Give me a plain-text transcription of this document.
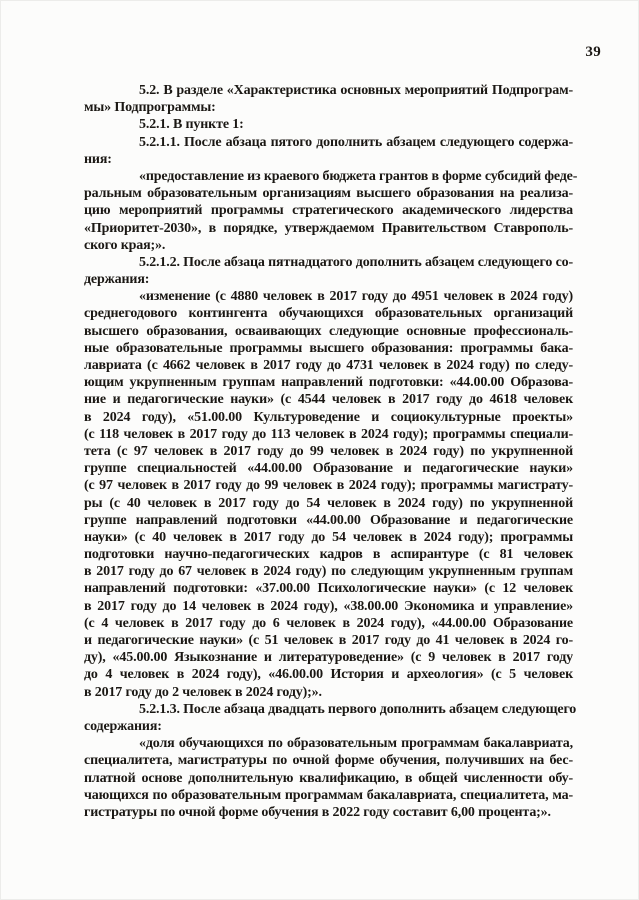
39
5.2. В разделе «Характеристика основных мероприятий Подпрограм-
мы» Подпрограммы:
5.2.1. В пункте 1:
5.2.1.1. После абзаца пятого дополнить абзацем следующего содержа-
ния:
«предоставление из краевого бюджета грантов в форме субсидий феде-
ральным образовательным организациям высшего образования на реализа-
цию мероприятий программы стратегического академического лидерства
«Приоритет-2030», в порядке, утверждаемом Правительством Ставрополь-
ского края;».
5.2.1.2. После абзаца пятнадцатого дополнить абзацем следующего со-
держания:
«изменение (с 4880 человек в 2017 году до 4951 человек в 2024 году)
среднегодового контингента обучающихся образовательных организаций
высшего образования, осваивающих следующие основные профессиональ-
ные образовательные программы высшего образования: программы бака-
лавриата (с 4662 человек в 2017 году до 4731 человек в 2024 году) по следу-
ющим укрупненным группам направлений подготовки: «44.00.00 Образова-
ние и педагогические науки» (с 4544 человек в 2017 году до 4618 человек
в 2024 году), «51.00.00 Культуроведение и социокультурные проекты»
(с 118 человек в 2017 году до 113 человек в 2024 году); программы специали-
тета (с 97 человек в 2017 году до 99 человек в 2024 году) по укрупненной
группе специальностей «44.00.00 Образование и педагогические науки»
(с 97 человек в 2017 году до 99 человек в 2024 году); программы магистрату-
ры (с 40 человек в 2017 году до 54 человек в 2024 году) по укрупненной
группе направлений подготовки «44.00.00 Образование и педагогические
науки» (с 40 человек в 2017 году до 54 человек в 2024 году); программы
подготовки научно-педагогических кадров в аспирантуре (с 81 человек
в 2017 году до 67 человек в 2024 году) по следующим укрупненным группам
направлений подготовки: «37.00.00 Психологические науки» (с 12 человек
в 2017 году до 14 человек в 2024 году), «38.00.00 Экономика и управление»
(с 4 человек в 2017 году до 6 человек в 2024 году), «44.00.00 Образование
и педагогические науки» (с 51 человек в 2017 году до 41 человек в 2024 го-
ду), «45.00.00 Языкознание и литературоведение» (с 9 человек в 2017 году
до 4 человек в 2024 году), «46.00.00 История и археология» (с 5 человек
в 2017 году до 2 человек в 2024 году);».
5.2.1.3. После абзаца двадцать первого дополнить абзацем следующего
содержания:
«доля обучающихся по образовательным программам бакалавриата,
специалитета, магистратуры по очной форме обучения, получивших на бес-
платной основе дополнительную квалификацию, в общей численности обу-
чающихся по образовательным программам бакалавриата, специалитета, ма-
гистратуры по очной форме обучения в 2022 году составит 6,00 процента;».
